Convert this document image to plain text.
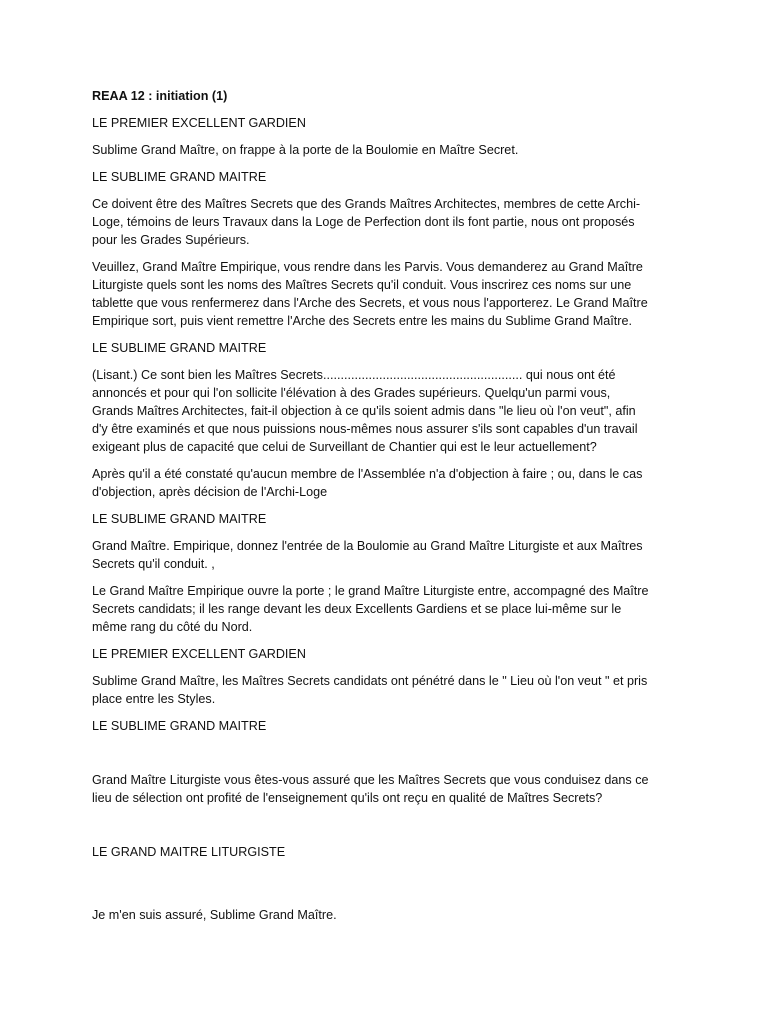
REAA 12 : initiation (1)

LE PREMIER EXCELLENT GARDIEN

Sublime Grand Maître, on frappe à la porte de la Boulomie en Maître Secret.

LE SUBLIME GRAND MAITRE

Ce doivent être des Maîtres Secrets que des Grands Maîtres Architectes, membres de cette Archi-Loge, témoins de leurs Travaux dans la Loge de Perfection dont ils font partie, nous ont proposés pour les Grades Supérieurs.

Veuillez, Grand Maître Empirique, vous rendre dans les Parvis. Vous demanderez au Grand Maître Liturgiste quels sont les noms des Maîtres Secrets qu'il conduit. Vous inscrirez ces noms sur une tablette que vous renfermerez dans l'Arche des Secrets, et vous nous l'apporterez. Le Grand Maître Empirique sort, puis vient remettre l'Arche des Secrets entre les mains du Sublime Grand Maître.

LE SUBLIME GRAND MAITRE

(Lisant.) Ce sont bien les Maîtres Secrets......................................................... qui nous ont été annoncés et pour qui l'on sollicite l'élévation à des Grades supérieurs. Quelqu'un parmi vous, Grands Maîtres Architectes, fait-il objection à ce qu'ils soient admis dans "le lieu où l'on veut", afin d'y être examinés et que nous puissions nous-mêmes nous assurer s'ils sont capables d'un travail exigeant plus de capacité que celui de Surveillant de Chantier qui est le leur actuellement?

Après qu'il a été constaté qu'aucun membre de l'Assemblée n'a d'objection à faire ; ou, dans le cas d'objection, après décision de l'Archi-Loge

LE SUBLIME GRAND MAITRE

Grand Maître. Empirique, donnez l'entrée de la Boulomie au Grand Maître Liturgiste et aux Maîtres Secrets qu'il conduit. ,

Le Grand Maître Empirique ouvre la porte ; le grand Maître Liturgiste entre, accompagné des Maître Secrets candidats; il les range devant les deux Excellents Gardiens et se place lui-même sur le même rang du côté du Nord.

LE PREMIER EXCELLENT GARDIEN

Sublime Grand Maître, les Maîtres Secrets candidats ont pénétré dans le " Lieu où l'on veut " et pris place entre les Styles.

LE SUBLIME GRAND MAITRE

Grand Maître Liturgiste vous êtes-vous assuré que les Maîtres Secrets que vous conduisez dans ce lieu de sélection ont profité de l'enseignement qu'ils ont reçu en qualité de Maîtres Secrets?

LE GRAND MAITRE LITURGISTE

Je m'en suis assuré, Sublime Grand Maître.
